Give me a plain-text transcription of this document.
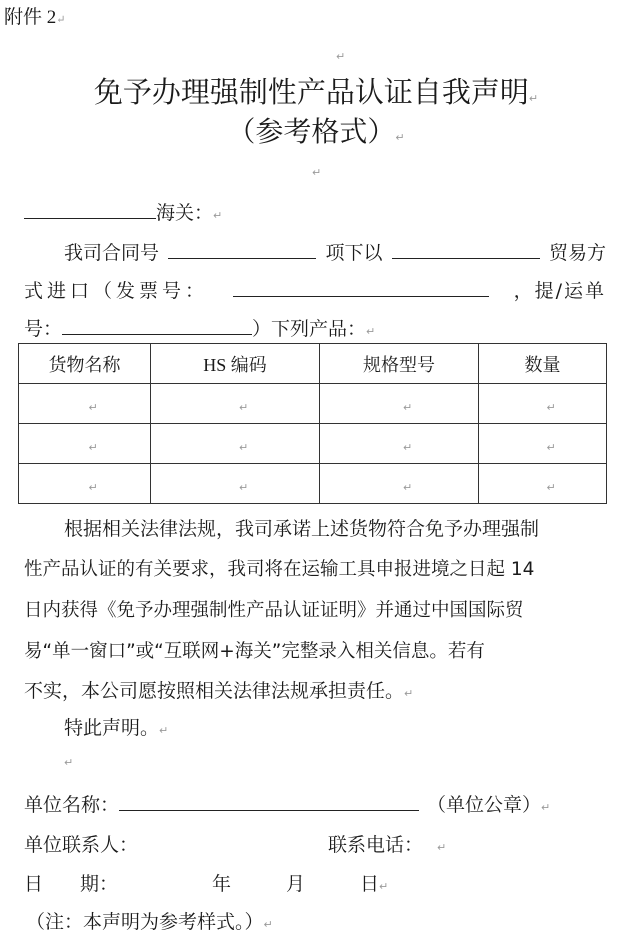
附件 2↵
↵
免予办理强制性产品认证自我声明↵
（参考格式）↵
↵
海关：↵
我司合同号	项下以	贸易方
式进口（发票号：	，提/运单
号：	）下列产品：↵
货物名称	HS 编码	规格型号	数量

↵	↵	↵	↵

↵	↵	↵	↵

↵	↵	↵	↵
根据相关法律法规，我司承诺上述货物符合免予办理强制
性产品认证的有关要求，我司将在运输工具申报进境之日起 14
日内获得《免予办理强制性产品认证证明》并通过中国国际贸
易“单一窗口”或“互联网+海关”完整录入相关信息。若有
不实，本公司愿按照相关法律法规承担责任。↵
特此声明。↵
↵
单位名称：	（单位公章）↵
单位联系人：	联系电话： ↵
日 期：	年	月	日↵
（注：本声明为参考样式。）↵
